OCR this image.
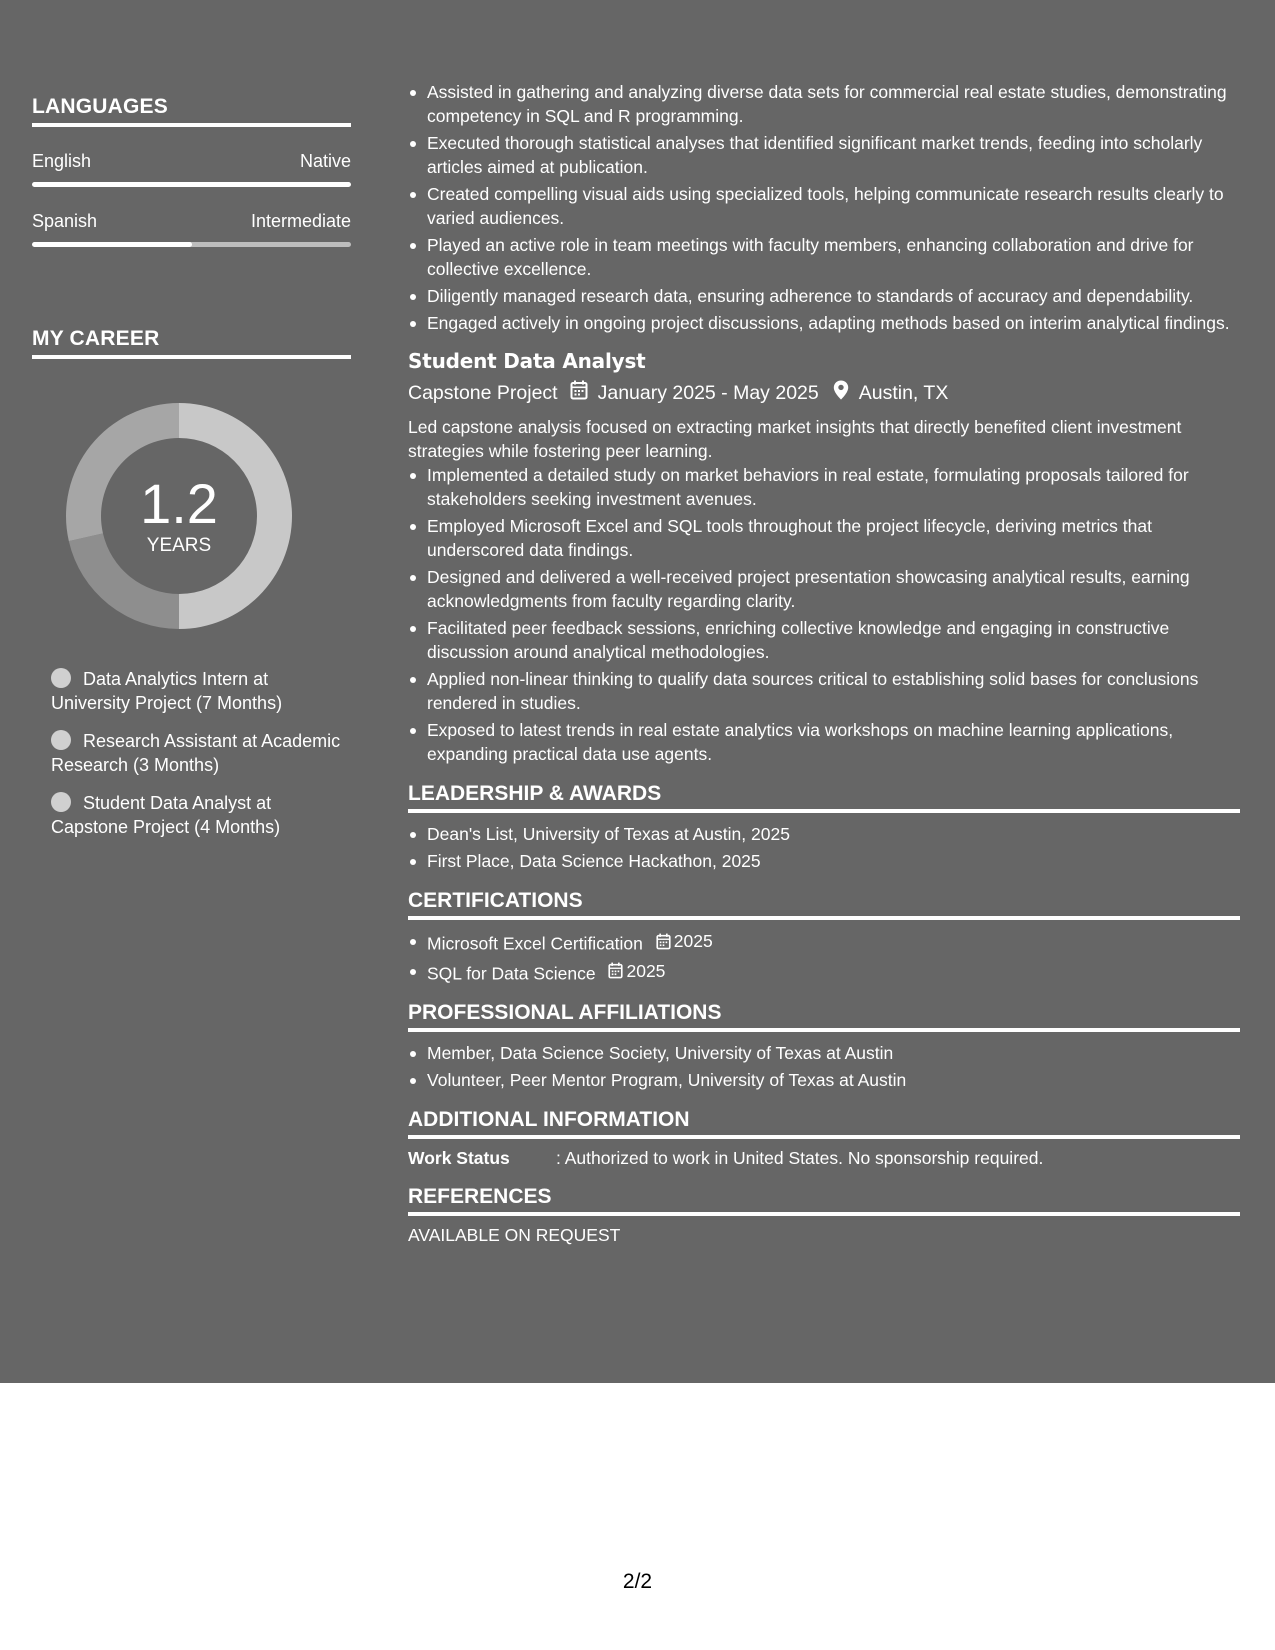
LANGUAGES
English	Native
Spanish	Intermediate
MY CAREER
1.2
YEARS
Data Analytics Intern at University Project (7 Months)
Research Assistant at Academic Research (3 Months)
Student Data Analyst at Capstone Project (4 Months)
Assisted in gathering and analyzing diverse data sets for commercial real estate studies, demonstrating competency in SQL and R programming.
Executed thorough statistical analyses that identified significant market trends, feeding into scholarly articles aimed at publication.
Created compelling visual aids using specialized tools, helping communicate research results clearly to varied audiences.
Played an active role in team meetings with faculty members, enhancing collaboration and drive for collective excellence.
Diligently managed research data, ensuring adherence to standards of accuracy and dependability.
Engaged actively in ongoing project discussions, adapting methods based on interim analytical findings.
Student Data Analyst
Capstone Project January 2025 - May 2025 Austin, TX
Led capstone analysis focused on extracting market insights that directly benefited client investment strategies while fostering peer learning.
Implemented a detailed study on market behaviors in real estate, formulating proposals tailored for stakeholders seeking investment avenues.
Employed Microsoft Excel and SQL tools throughout the project lifecycle, deriving metrics that underscored data findings.
Designed and delivered a well-received project presentation showcasing analytical results, earning acknowledgments from faculty regarding clarity.
Facilitated peer feedback sessions, enriching collective knowledge and engaging in constructive discussion around analytical methodologies.
Applied non-linear thinking to qualify data sources critical to establishing solid bases for conclusions rendered in studies.
Exposed to latest trends in real estate analytics via workshops on machine learning applications, expanding practical data use agents.
LEADERSHIP & AWARDS
Dean's List, University of Texas at Austin, 2025
First Place, Data Science Hackathon, 2025
CERTIFICATIONS
Microsoft Excel Certification 2025
SQL for Data Science 2025
PROFESSIONAL AFFILIATIONS
Member, Data Science Society, University of Texas at Austin
Volunteer, Peer Mentor Program, University of Texas at Austin
ADDITIONAL INFORMATION
Work Status	: Authorized to work in United States. No sponsorship required.
REFERENCES
AVAILABLE ON REQUEST
2/2
